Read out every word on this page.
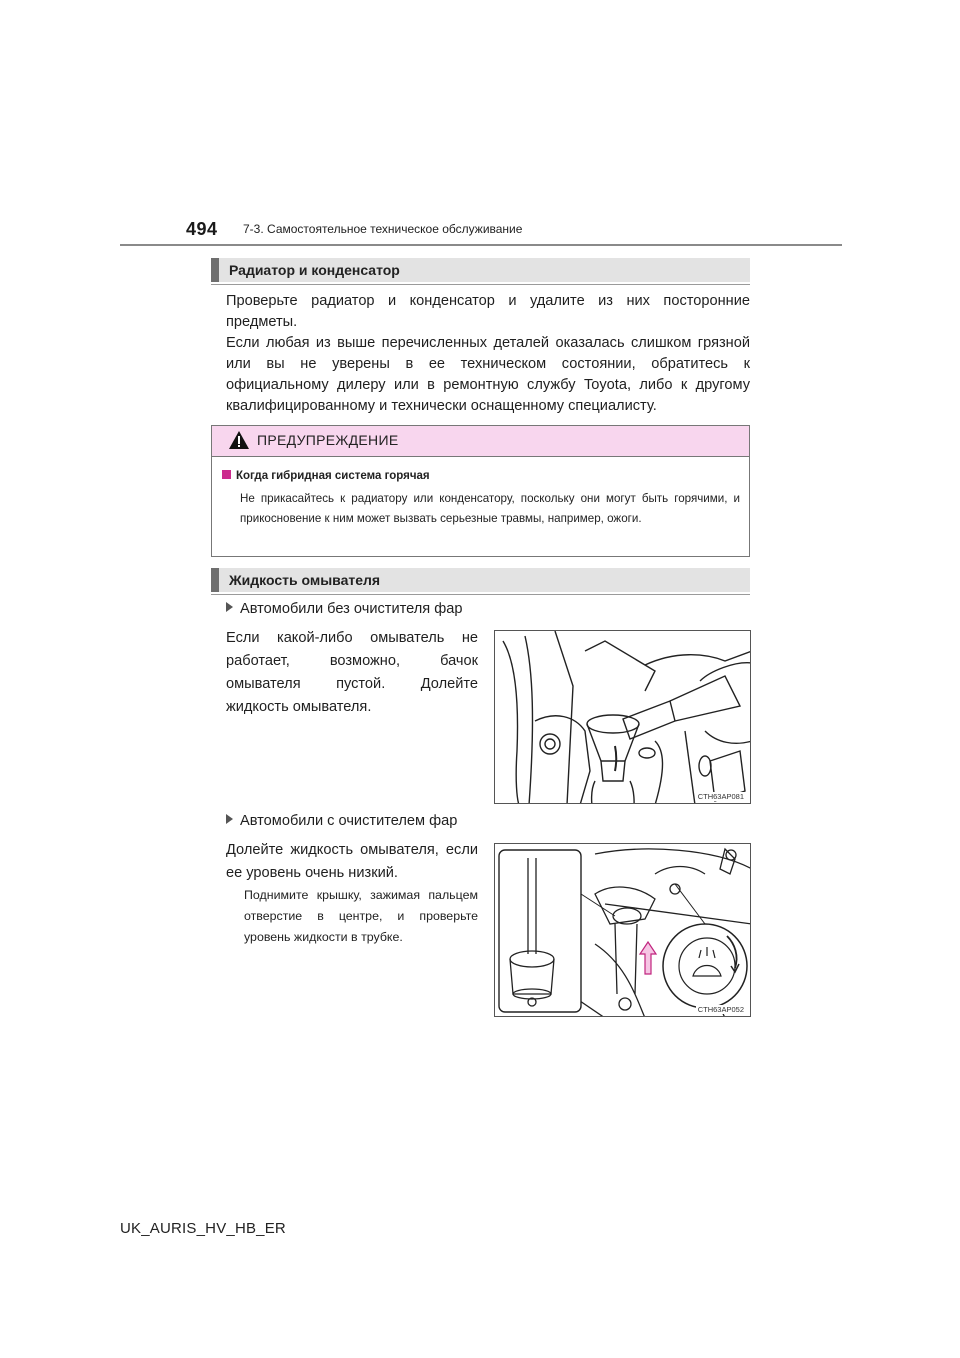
494 7-3. Самостоятельное техническое обслуживание
Радиатор и конденсатор

Проверьте радиатор и конденсатор и удалите из них посторонние предметы.

Если любая из выше перечисленных деталей оказалась слишком грязной или вы не уверены в ее техническом состоянии, обратитесь к официальному дилеру или в ремонтную службу Toyota, либо к другому квалифицированному и технически оснащенному специалисту.

ПРЕДУПРЕЖДЕНИЕ
Когда гибридная система горячая
Не прикасайтесь к радиатору или конденсатору, поскольку они могут быть горячими, и прикосновение к ним может вызвать серьезные травмы, например, ожоги.
Жидкость омывателя
Автомобили без очистителя фар
Если какой-либо омыватель не работает, возможно, бачок омывателя пустой. Долейте жидкость омывателя.
CTH63AP081
Автомобили с очистителем фар
Долейте жидкость омывателя, если ее уровень очень низкий.
Поднимите крышку, зажимая пальцем отверстие в центре, и проверьте уровень жидкости в трубке.
CTH63AP052
UK_AURIS_HV_HB_ER
